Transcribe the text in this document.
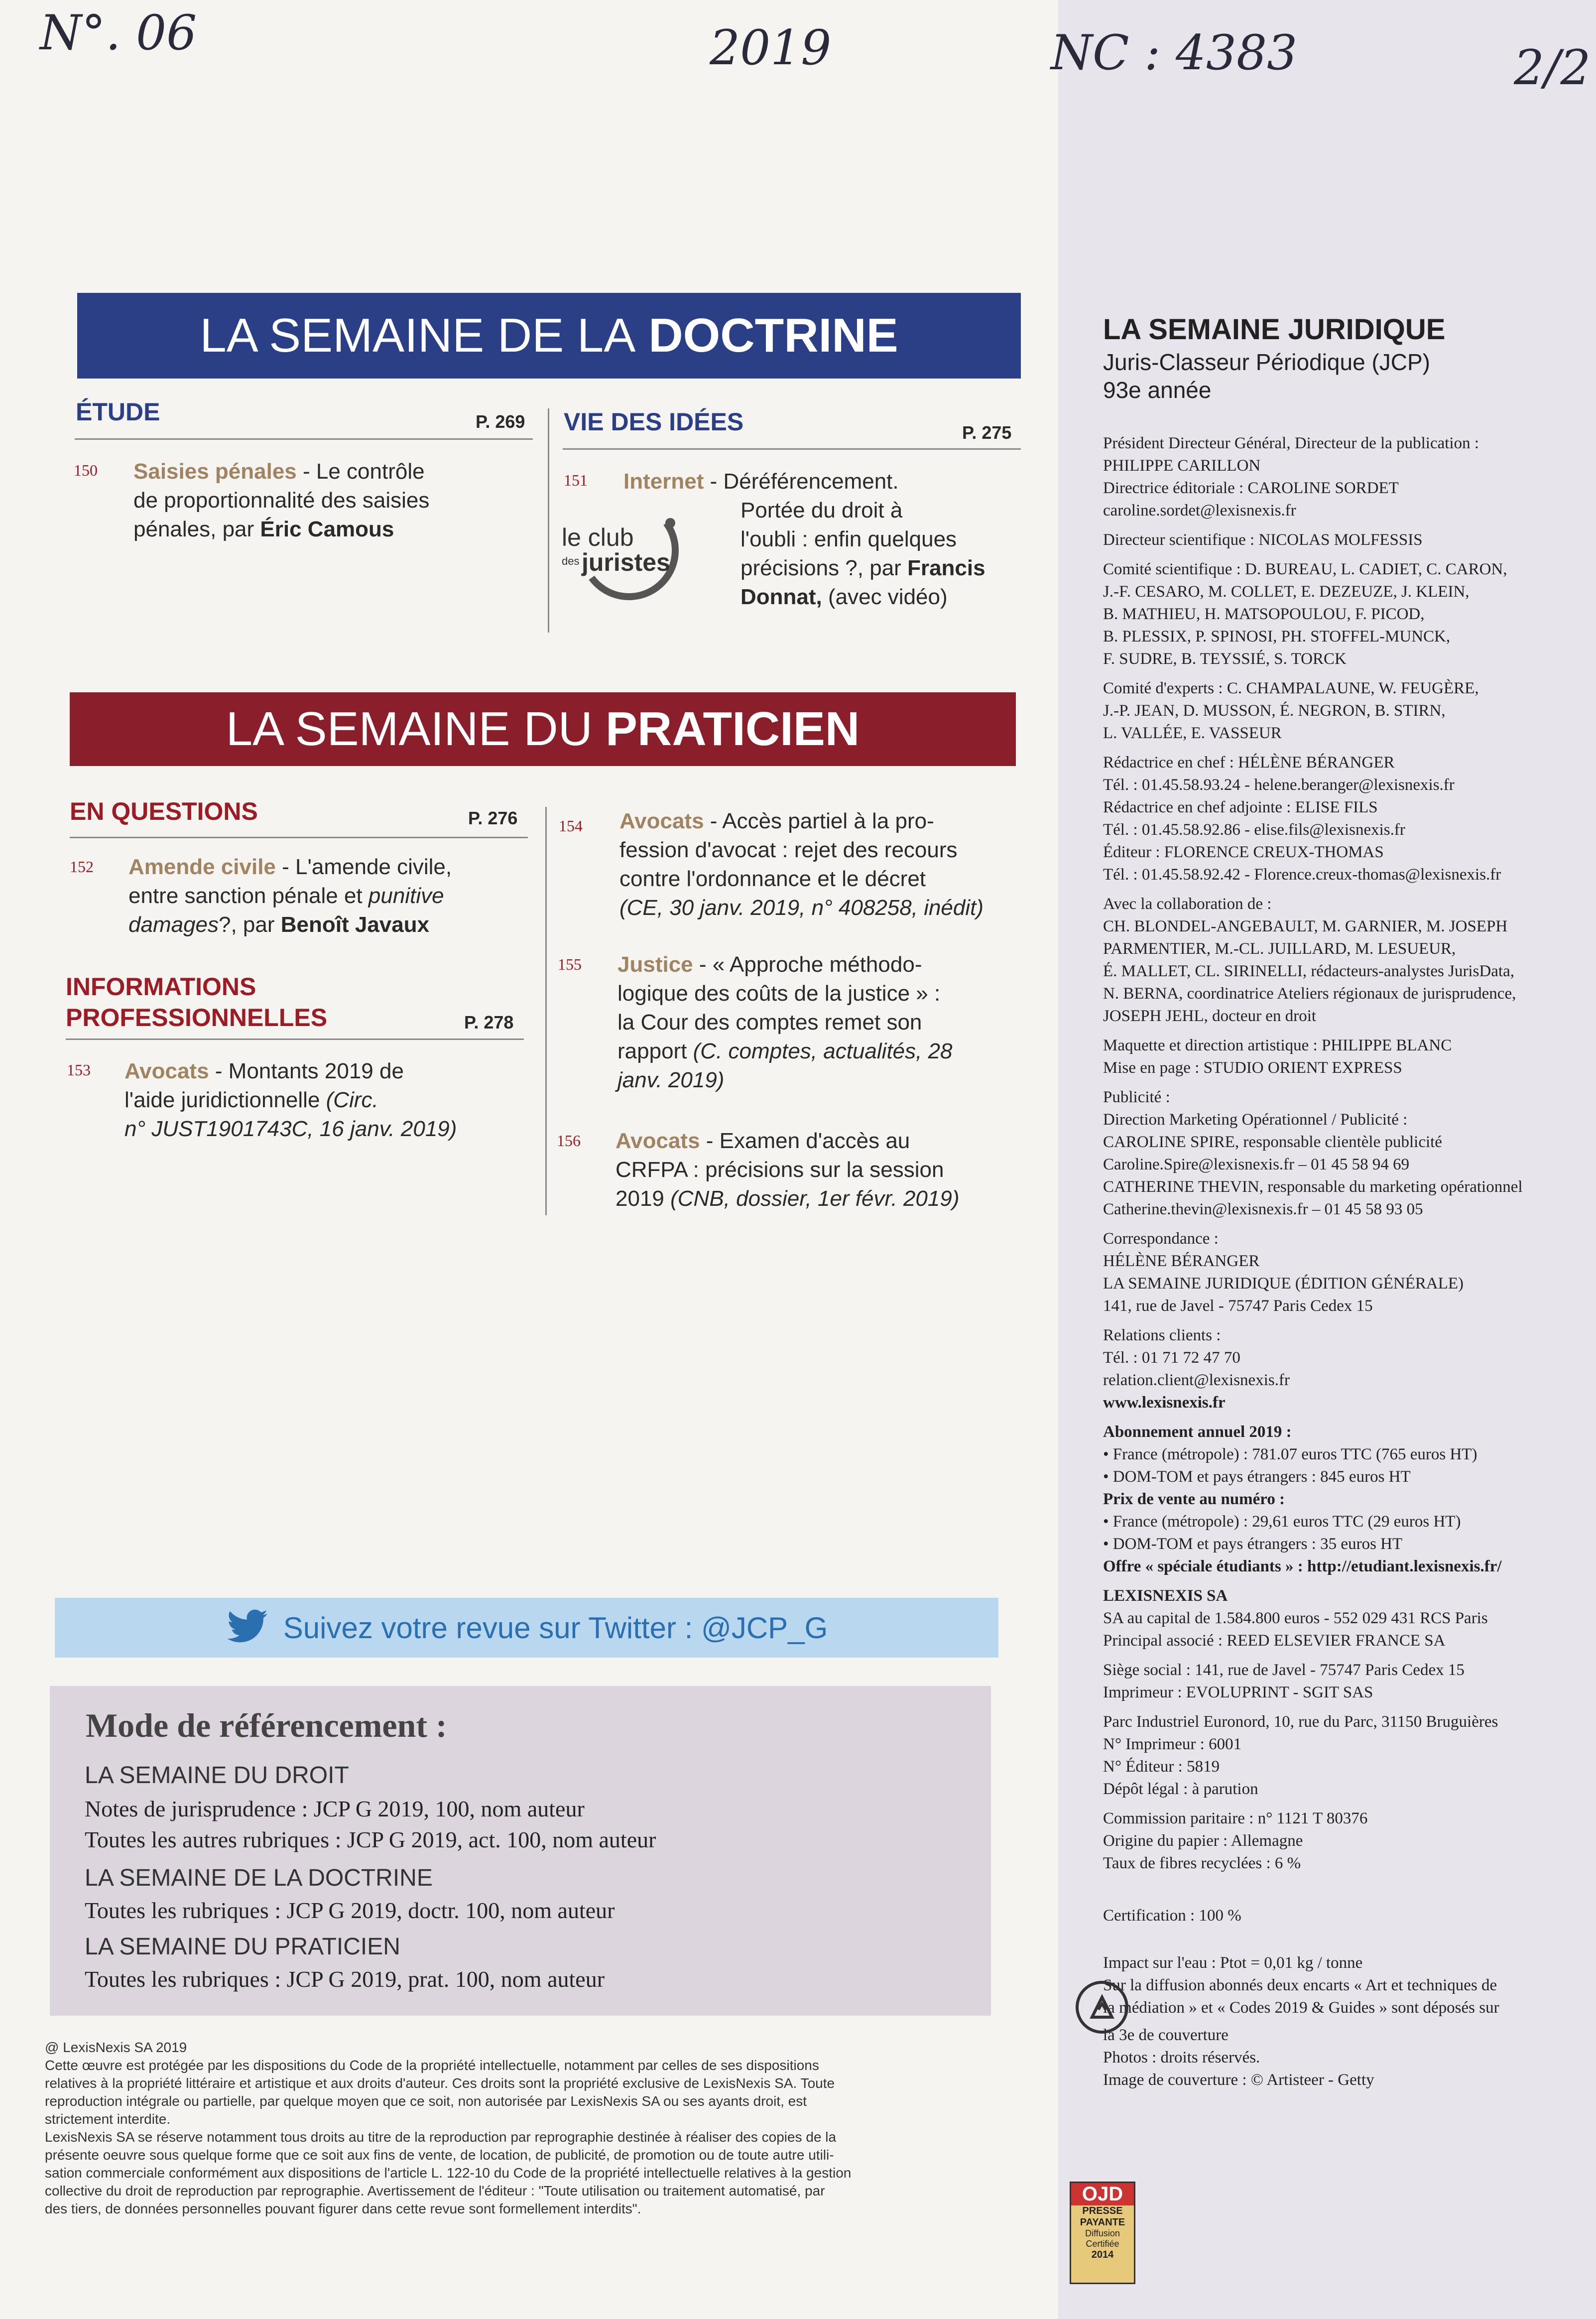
N°. 06	2019	NC : 4383	2/2
LA SEMAINE DE LA DOCTRINE
ÉTUDE	P. 269
150 Saisies pénales - Le contrôle
de proportionnalité des saisies
pénales, par Éric Camous
VIE DES IDÉES	P. 275
151 Internet - Déréférencement.
Portée du droit à
l'oubli : enfin quelques
précisions ?, par Francis
Donnat, (avec vidéo)
le club
des juristes
LA SEMAINE DU PRATICIEN
EN QUESTIONS	P. 276
152 Amende civile - L'amende civile,
entre sanction pénale et punitive
damages?, par Benoît Javaux
INFORMATIONS
PROFESSIONNELLES	P. 278
153 Avocats - Montants 2019 de
l'aide juridictionnelle (Circ.
n° JUST1901743C, 16 janv. 2019)
154 Avocats - Accès partiel à la pro-
fession d'avocat : rejet des recours
contre l'ordonnance et le décret
(CE, 30 janv. 2019, n° 408258, inédit)
155 Justice - « Approche méthodo-
logique des coûts de la justice » :
la Cour des comptes remet son
rapport (C. comptes, actualités, 28
janv. 2019)
156 Avocats - Examen d'accès au
CRFPA : précisions sur la session
2019 (CNB, dossier, 1er févr. 2019)
Suivez votre revue sur Twitter : @JCP_G
Mode de référencement :
LA SEMAINE DU DROIT
Notes de jurisprudence : JCP G 2019, 100, nom auteur
Toutes les autres rubriques : JCP G 2019, act. 100, nom auteur
LA SEMAINE DE LA DOCTRINE
Toutes les rubriques : JCP G 2019, doctr. 100, nom auteur
LA SEMAINE DU PRATICIEN
Toutes les rubriques : JCP G 2019, prat. 100, nom auteur
@ LexisNexis SA 2019
Cette œuvre est protégée par les dispositions du Code de la propriété intellectuelle, notamment par celles de ses dispositions
relatives à la propriété littéraire et artistique et aux droits d'auteur. Ces droits sont la propriété exclusive de LexisNexis SA. Toute
reproduction intégrale ou partielle, par quelque moyen que ce soit, non autorisée par LexisNexis SA ou ses ayants droit, est
strictement interdite.
LexisNexis SA se réserve notamment tous droits au titre de la reproduction par reprographie destinée à réaliser des copies de la
présente oeuvre sous quelque forme que ce soit aux fins de vente, de location, de publicité, de promotion ou de toute autre utili-
sation commerciale conformément aux dispositions de l'article L. 122-10 du Code de la propriété intellectuelle relatives à la gestion
collective du droit de reproduction par reprographie. Avertissement de l'éditeur : "Toute utilisation ou traitement automatisé, par
des tiers, de données personnelles pouvant figurer dans cette revue sont formellement interdits".
LA SEMAINE JURIDIQUE
Juris-Classeur Périodique (JCP)
93e année
Président Directeur Général, Directeur de la publication :
PHILIPPE CARILLON
Directrice éditoriale : CAROLINE SORDET
caroline.sordet@lexisnexis.fr
Directeur scientifique : NICOLAS MOLFESSIS
Comité scientifique : D. BUREAU, L. CADIET, C. CARON,
J.-F. CESARO, M. COLLET, E. DEZEUZE, J. KLEIN,
B. MATHIEU, H. MATSOPOULOU, F. PICOD,
B. PLESSIX, P. SPINOSI, PH. STOFFEL-MUNCK,
F. SUDRE, B. TEYSSIÉ, S. TORCK
Comité d'experts : C. CHAMPALAUNE, W. FEUGÈRE,
J.-P. JEAN, D. MUSSON, É. NEGRON, B. STIRN,
L. VALLÉE, E. VASSEUR
Rédactrice en chef : HÉLÈNE BÉRANGER
Tél. : 01.45.58.93.24 - helene.beranger@lexisnexis.fr
Rédactrice en chef adjointe : ELISE FILS
Tél. : 01.45.58.92.86 - elise.fils@lexisnexis.fr
Éditeur : FLORENCE CREUX-THOMAS
Tél. : 01.45.58.92.42 - Florence.creux-thomas@lexisnexis.fr
Avec la collaboration de :
CH. BLONDEL-ANGEBAULT, M. GARNIER, M. JOSEPH
PARMENTIER, M.-CL. JUILLARD, M. LESUEUR,
É. MALLET, CL. SIRINELLI, rédacteurs-analystes JurisData,
N. BERNA, coordinatrice Ateliers régionaux de jurisprudence,
JOSEPH JEHL, docteur en droit
Maquette et direction artistique : PHILIPPE BLANC
Mise en page : STUDIO ORIENT EXPRESS
Publicité :
Direction Marketing Opérationnel / Publicité :
CAROLINE SPIRE, responsable clientèle publicité
Caroline.Spire@lexisnexis.fr – 01 45 58 94 69
CATHERINE THEVIN, responsable du marketing opérationnel
Catherine.thevin@lexisnexis.fr – 01 45 58 93 05
Correspondance :
HÉLÈNE BÉRANGER
LA SEMAINE JURIDIQUE (ÉDITION GÉNÉRALE)
141, rue de Javel - 75747 Paris Cedex 15
Relations clients :
Tél. : 01 71 72 47 70
relation.client@lexisnexis.fr
www.lexisnexis.fr
Abonnement annuel 2019 :
• France (métropole) : 781.07 euros TTC (765 euros HT)
• DOM-TOM et pays étrangers : 845 euros HT
Prix de vente au numéro :
• France (métropole) : 29,61 euros TTC (29 euros HT)
• DOM-TOM et pays étrangers : 35 euros HT
Offre « spéciale étudiants » : http://etudiant.lexisnexis.fr/
LEXISNEXIS SA
SA au capital de 1.584.800 euros - 552 029 431 RCS Paris
Principal associé : REED ELSEVIER FRANCE SA
Siège social : 141, rue de Javel - 75747 Paris Cedex 15
Imprimeur : EVOLUPRINT - SGIT SAS
Parc Industriel Euronord, 10, rue du Parc, 31150 Bruguières
N° Imprimeur : 6001
N° Éditeur : 5819
Dépôt légal : à parution
Commission paritaire : n° 1121 T 80376
Origine du papier : Allemagne
Taux de fibres recyclées : 6 %
Certification : 100 %
Impact sur l'eau : Ptot = 0,01 kg / tonne
Sur la diffusion abonnés deux encarts « Art et techniques de
la médiation » et « Codes 2019 & Guides » sont déposés sur
la 3e de couverture
Photos : droits réservés.
Image de couverture : © Artisteer - Getty
OJD
PRESSE
PAYANTE
Diffusion
Certifiée
2014
